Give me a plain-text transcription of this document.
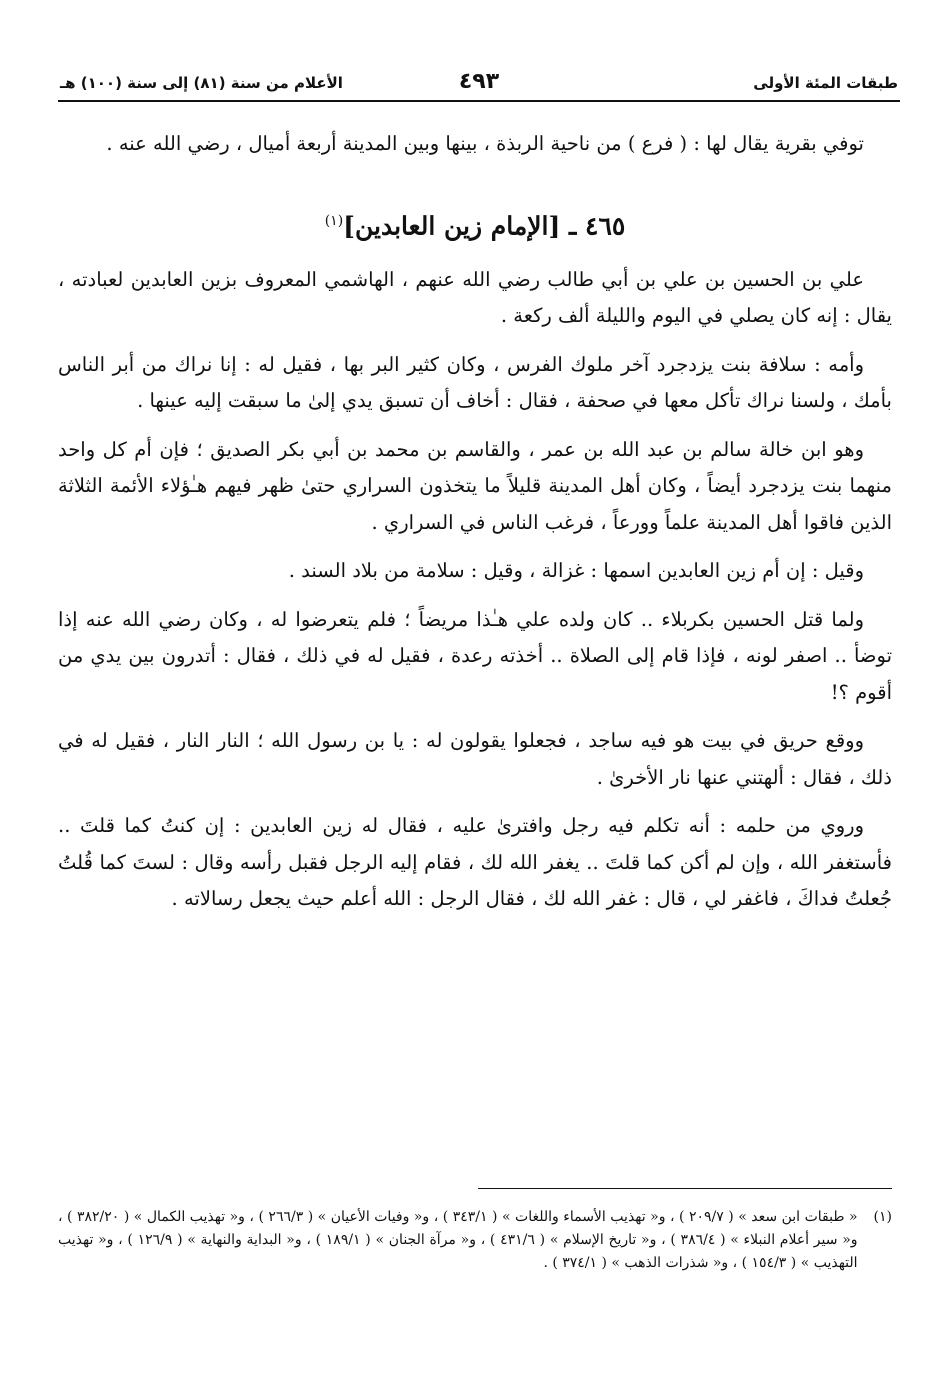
طبقات المئة الأولى
٤٩٣
الأعلام من سنة (٨١) إلى سنة (١٠٠) هـ

توفي بقرية يقال لها : ( فرع ) من ناحية الربذة ، بينها وبين المدينة أربعة أميال ، رضي الله عنه .

٤٦٥ ـ [الإمام زين العابدين]$^{(١)}$

علي بن الحسين بن علي بن أبي طالب رضي الله عنهم ، الهاشمي المعروف بزين العابدين لعبادته ، يقال : إنه كان يصلي في اليوم والليلة ألف ركعة .

وأمه : سلافة بنت يزدجرد آخر ملوك الفرس ، وكان كثير البر بها ، فقيل له : إنا نراك من أبر الناس بأمك ، ولسنا نراك تأكل معها في صحفة ، فقال : أخاف أن تسبق يدي إلىٰ ما سبقت إليه عينها .

وهو ابن خالة سالم بن عبد الله بن عمر ، والقاسم بن محمد بن أبي بكر الصديق ؛ فإن أم كل واحد منهما بنت يزدجرد أيضاً ، وكان أهل المدينة قليلاً ما يتخذون السراري حتىٰ ظهر فيهم هـٰؤلاء الأئمة الثلاثة الذين فاقوا أهل المدينة علماً وورعاً ، فرغب الناس في السراري .

وقيل : إن أم زين العابدين اسمها : غزالة ، وقيل : سلامة من بلاد السند .

ولما قتل الحسين بكربلاء .. كان ولده علي هـٰذا مريضاً ؛ فلم يتعرضوا له ، وكان رضي الله عنه إذا توضأ .. اصفر لونه ، فإذا قام إلى الصلاة .. أخذته رعدة ، فقيل له في ذلك ، فقال : أتدرون بين يدي من أقوم ؟!

ووقع حريق في بيت هو فيه ساجد ، فجعلوا يقولون له : يا بن رسول الله ؛ النار النار ، فقيل له في ذلك ، فقال : ألهتني عنها نار الأخرىٰ .

وروي من حلمه : أنه تكلم فيه رجل وافترىٰ عليه ، فقال له زين العابدين : إن كنتُ كما قلتَ .. فأستغفر الله ، وإن لم أكن كما قلتَ .. يغفر الله لك ، فقام إليه الرجل فقبل رأسه وقال : لستَ كما قُلتُ جُعلتُ فداكَ ، فاغفر لي ، قال : غفر الله لك ، فقال الرجل : الله أعلم حيث يجعل رسالاته .

(١)
« طبقات ابن سعد » ( ٢٠٩/٧ ) ، و« تهذيب الأسماء واللغات » ( ٣٤٣/١ ) ، و« وفيات الأعيان » ( ٢٦٦/٣ ) ، و« تهذيب الكمال » ( ٣٨٢/٢٠ ) ، و« سير أعلام النبلاء » ( ٣٨٦/٤ ) ، و« تاريخ الإسلام » ( ٤٣١/٦ ) ، و« مرآة الجنان » ( ١٨٩/١ ) ، و« البداية والنهاية » ( ١٢٦/٩ ) ، و« تهذيب التهذيب » ( ١٥٤/٣ ) ، و« شذرات الذهب » ( ٣٧٤/١ ) .
